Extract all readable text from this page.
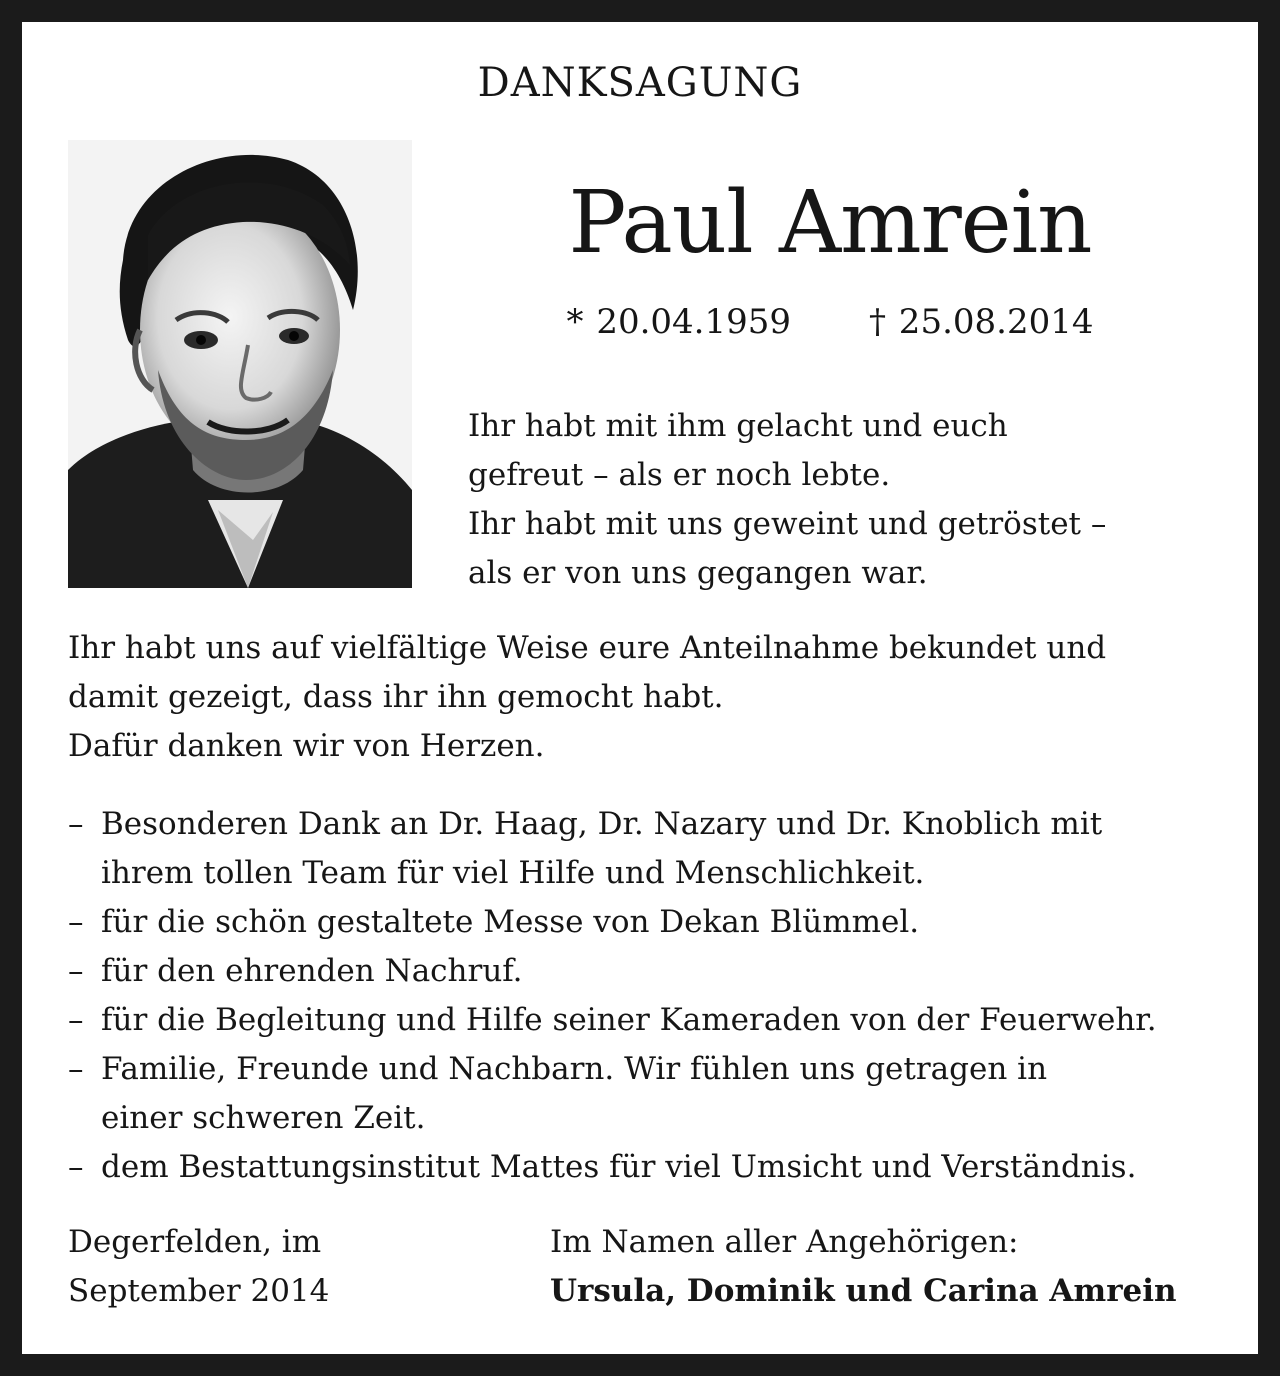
DANKSAGUNG
Paul Amrein
* 20.04.1959 † 25.08.2014
Ihr habt mit ihm gelacht und euch
gefreut – als er noch lebte.
Ihr habt mit uns geweint und getröstet –
als er von uns gegangen war.
Ihr habt uns auf vielfältige Weise eure Anteilnahme bekundet und
damit gezeigt, dass ihr ihn gemocht habt.
Dafür danken wir von Herzen.
– Besonderen Dank an Dr. Haag, Dr. Nazary und Dr. Knoblich mit
ihrem tollen Team für viel Hilfe und Menschlichkeit.
– für die schön gestaltete Messe von Dekan Blümmel.
– für den ehrenden Nachruf.
– für die Begleitung und Hilfe seiner Kameraden von der Feuerwehr.
– Familie, Freunde und Nachbarn. Wir fühlen uns getragen in
einer schweren Zeit.
– dem Bestattungsinstitut Mattes für viel Umsicht und Verständnis.
Degerfelden, im
September 2014
Im Namen aller Angehörigen:
Ursula, Dominik und Carina Amrein
